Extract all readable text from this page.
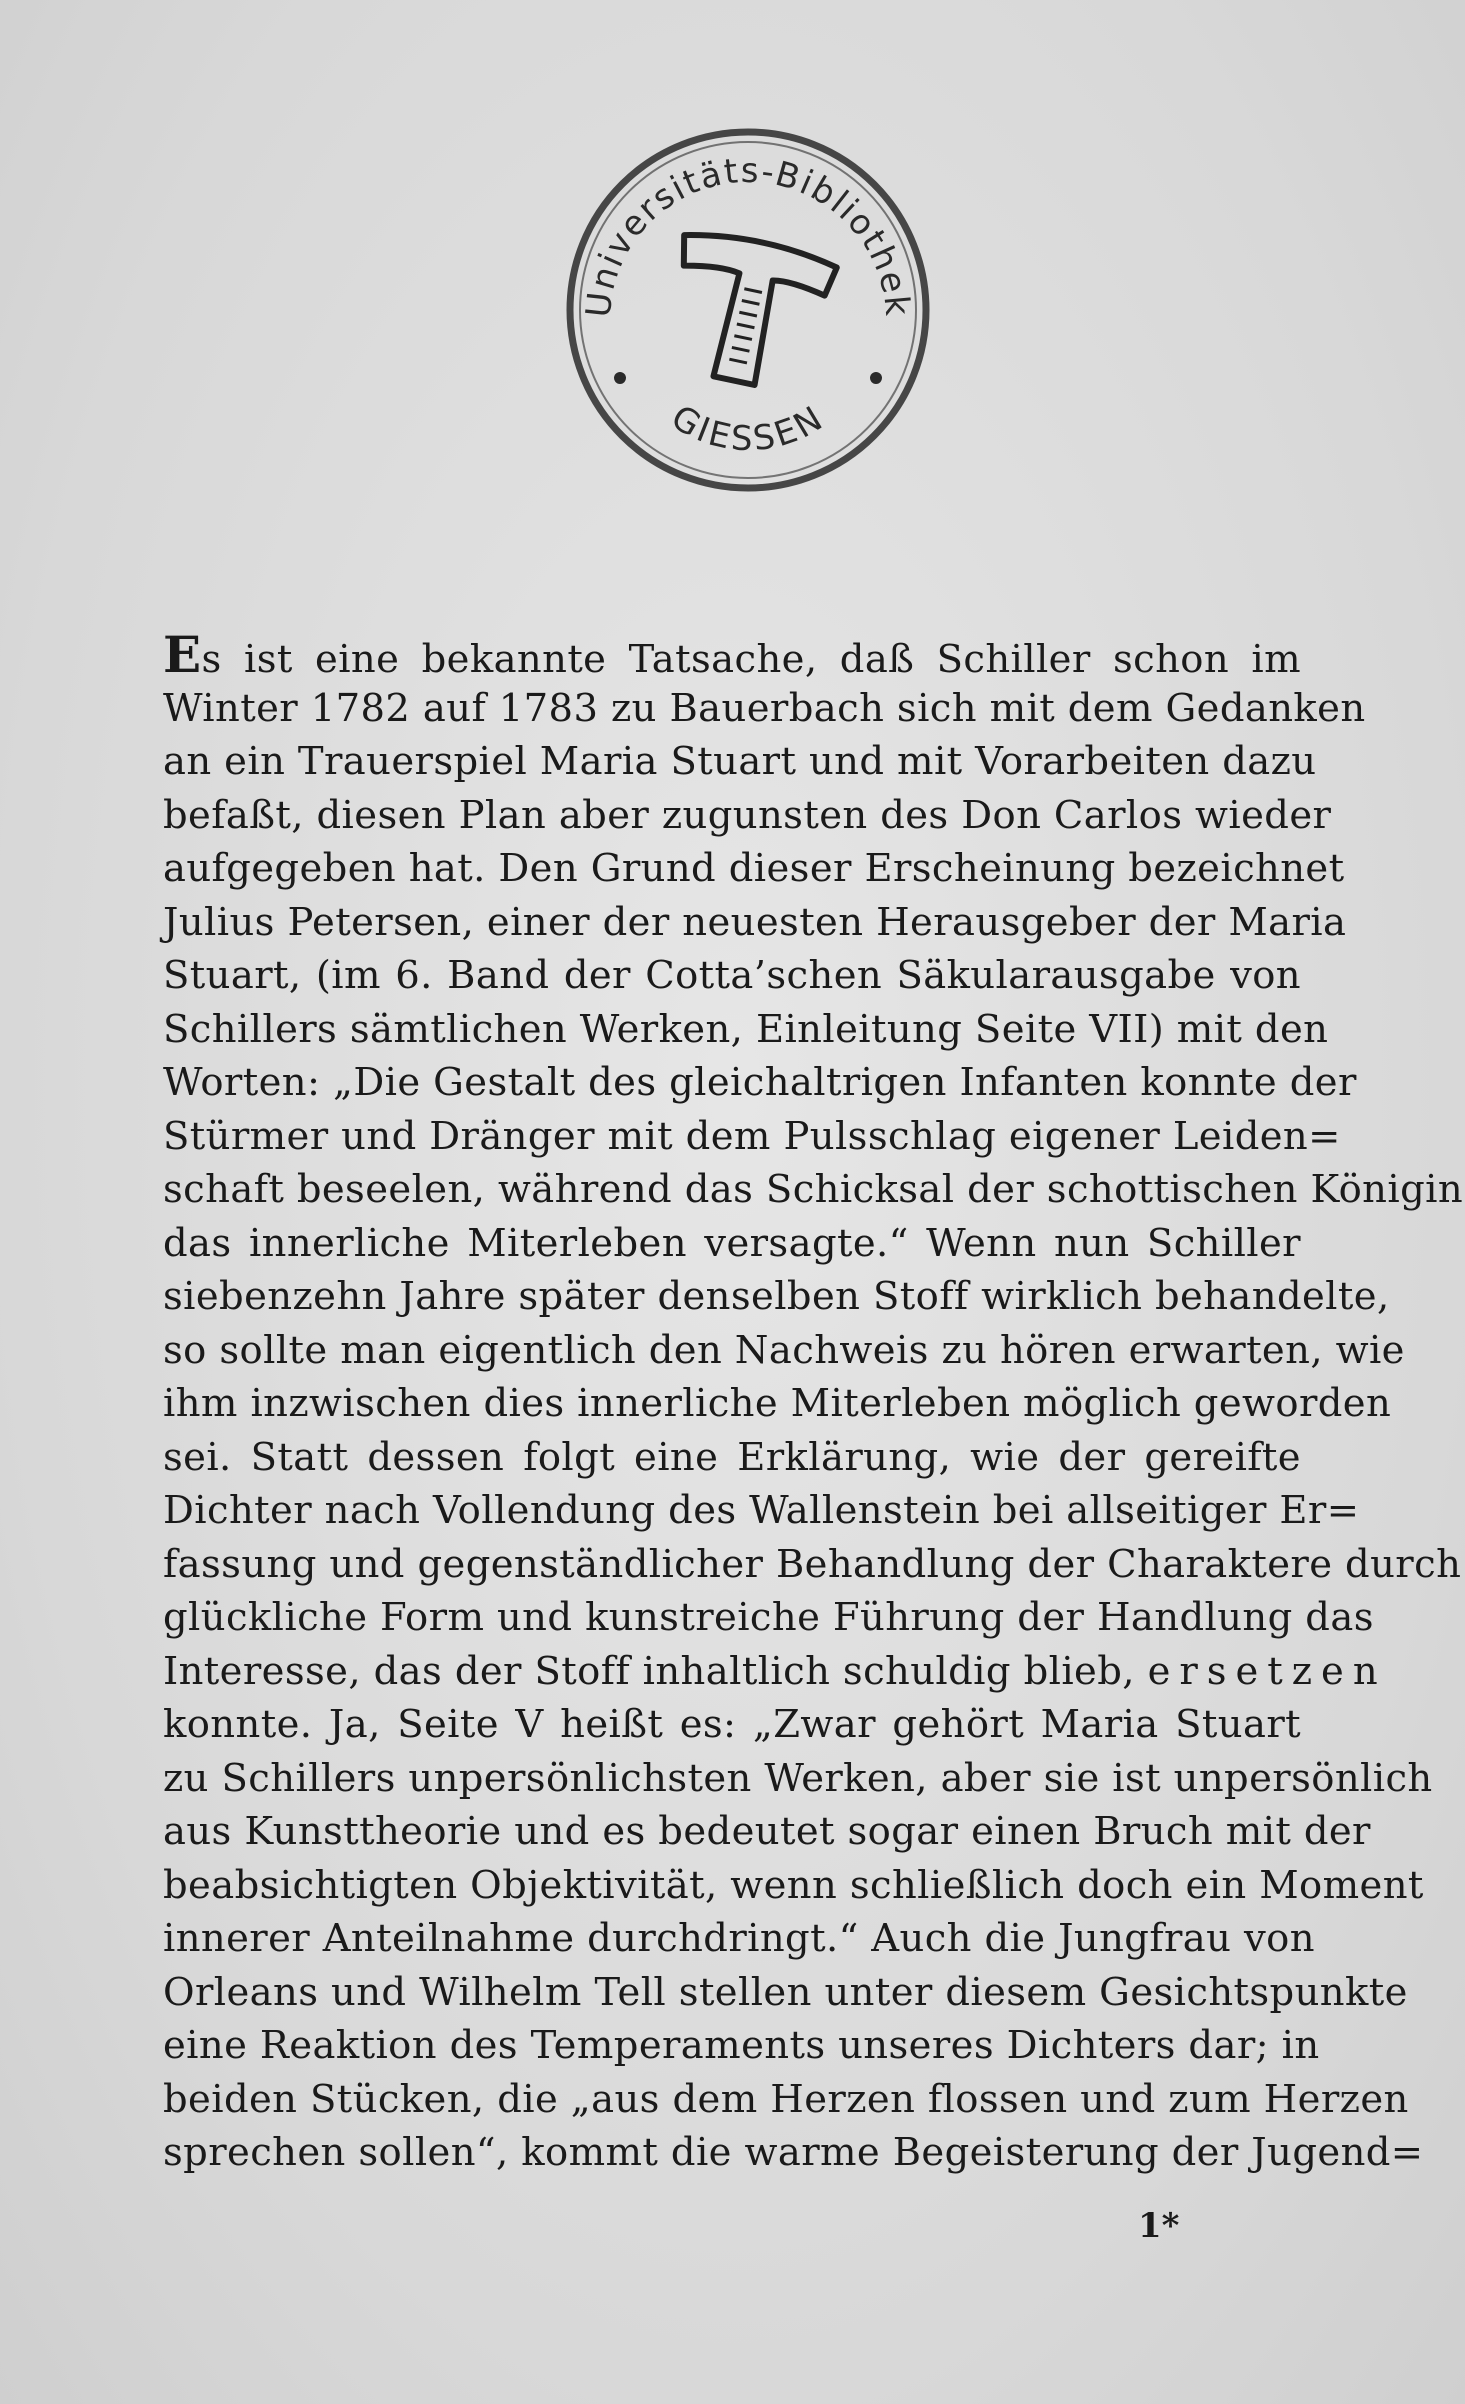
Universitäts-Bibliothek
GIESSEN
Es ist eine bekannte Tatsache, daß Schiller schon im
Winter 1782 auf 1783 zu Bauerbach sich mit dem Gedanken
an ein Trauerspiel Maria Stuart und mit Vorarbeiten dazu
befaßt, diesen Plan aber zugunsten des Don Carlos wieder
aufgegeben hat. Den Grund dieser Erscheinung bezeichnet
Julius Petersen, einer der neuesten Herausgeber der Maria
Stuart, (im 6. Band der Cotta’schen Säkularausgabe von
Schillers sämtlichen Werken, Einleitung Seite VII) mit den
Worten: „Die Gestalt des gleichaltrigen Infanten konnte der
Stürmer und Dränger mit dem Pulsschlag eigener Leiden=
schaft beseelen, während das Schicksal der schottischen Königin
das innerliche Miterleben versagte.“ Wenn nun Schiller
siebenzehn Jahre später denselben Stoff wirklich behandelte,
so sollte man eigentlich den Nachweis zu hören erwarten, wie
ihm inzwischen dies innerliche Miterleben möglich geworden
sei. Statt dessen folgt eine Erklärung, wie der gereifte
Dichter nach Vollendung des Wallenstein bei allseitiger Er=
fassung und gegenständlicher Behandlung der Charaktere durch
glückliche Form und kunstreiche Führung der Handlung das
Interesse, das der Stoff inhaltlich schuldig blieb, ersetzen
konnte. Ja, Seite V heißt es: „Zwar gehört Maria Stuart
zu Schillers unpersönlichsten Werken, aber sie ist unpersönlich
aus Kunsttheorie und es bedeutet sogar einen Bruch mit der
beabsichtigten Objektivität, wenn schließlich doch ein Moment
innerer Anteilnahme durchdringt.“ Auch die Jungfrau von
Orleans und Wilhelm Tell stellen unter diesem Gesichtspunkte
eine Reaktion des Temperaments unseres Dichters dar; in
beiden Stücken, die „aus dem Herzen flossen und zum Herzen
sprechen sollen“, kommt die warme Begeisterung der Jugend=
1*
